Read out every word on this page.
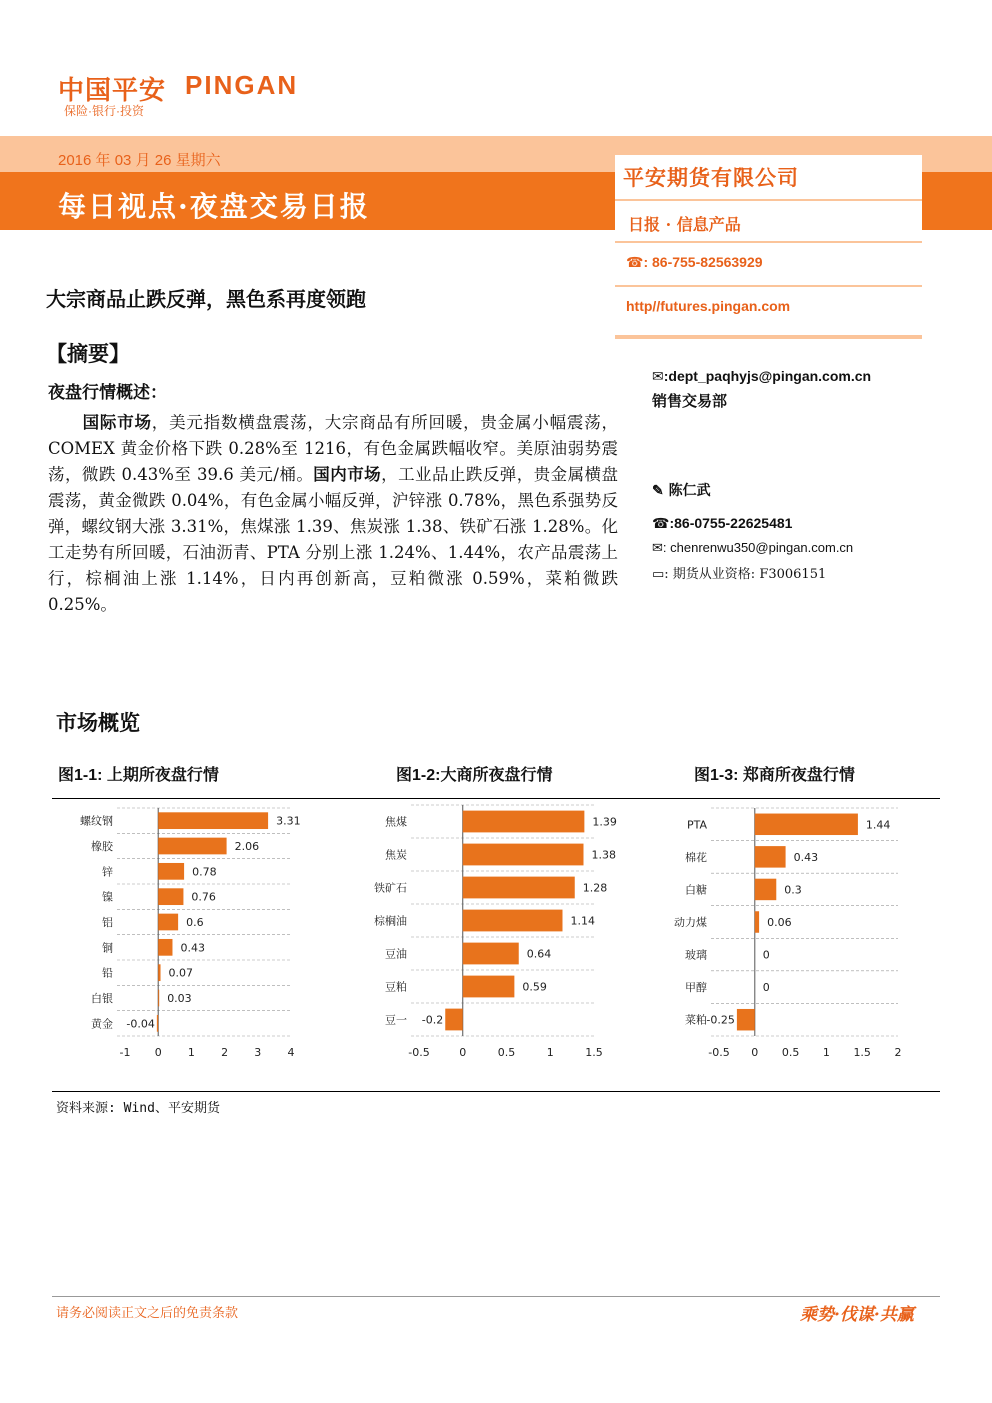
中国平安 PINGAN
保险·银行·投资
2016 年 03 月 26 星期六
每日视点·夜盘交易日报
平安期货有限公司
日报 · 信息产品
☎: 86-755-82563929
http//futures.pingan.com
大宗商品止跌反弹，黑色系再度领跑
【摘要】
夜盘行情概述：
　　国际市场，美元指数横盘震荡，大宗商品有所回暖，贵金属小幅震荡，COMEX 黄金价格下跌 0.28%至 1216，有色金属跌幅收窄。美原油弱势震荡，微跌 0.43%至 39.6 美元/桶。国内市场，工业品止跌反弹，贵金属横盘震荡，黄金微跌 0.04%，有色金属小幅反弹，沪锌涨 0.78%，黑色系强势反弹，螺纹钢大涨 3.31%，焦煤涨 1.39、焦炭涨 1.38、铁矿石涨 1.28%。化工走势有所回暖，石油沥青、PTA 分别上涨 1.24%、1.44%，农产品震荡上行，棕榈油上涨 1.14%，日内再创新高，豆粕微涨 0.59%，菜粕微跌 0.25%。
✉:dept_paqhyjs@pingan.com.cn
销售交易部
✎ 陈仁武
☎:86-0755-22625481
✉: chenrenwu350@pingan.com.cn
▭: 期货从业资格: F3006151
市场概览
图1-1: 上期所夜盘行情	图1-2:大商所夜盘行情	图1-3: 郑商所夜盘行情
螺纹钢	3.31
橡胶	2.06
锌	0.78
镍	0.76
铝	0.6
铜	0.43
铅	0.07
白银	0.03
黄金 -0.04
-1 0 1 2 3 4
焦煤	1.39
焦炭	1.38
铁矿石	1.28
棕榈油	1.14
豆油	0.64
豆粕	0.59
豆一 -0.2
-0.5	0	0.5	1	1.5
PTA	1.44
棉花	0.43
白糖	0.3
动力煤	0.06
玻璃	0
甲醇	0
菜粕 -0.25
-0.5 0 0.5 1 1.5 2
资料来源: Wind、平安期货
请务必阅读正文之后的免责条款	乘势·伐谋·共赢
